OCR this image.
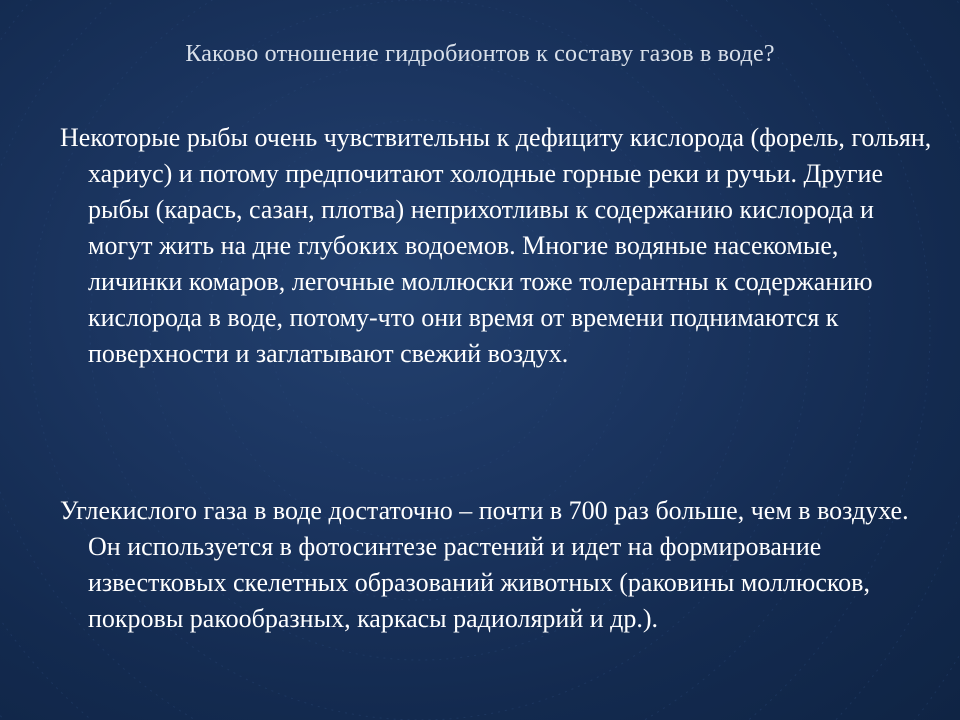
Каково отношение гидробионтов к составу газов в воде?
Некоторые рыбы очень чувствительны к дефициту кислорода (форель, гольян, хариус) и потому предпочитают холодные горные реки и ручьи. Другие рыбы (карась, сазан, плотва) неприхотливы к содержанию кислорода и могут жить на дне глубоких водоемов. Многие водяные насекомые, личинки комаров, легочные моллюски тоже толерантны к содержанию кислорода в воде, потому-что они время от времени поднимаются к поверхности и заглатывают свежий воздух.
Углекислого газа в воде достаточно – почти в 700 раз больше, чем в воздухе. Он используется в фотосинтезе растений и идет на формирование известковых скелетных образований животных (раковины моллюсков, покровы ракообразных, каркасы радиолярий и др.).
